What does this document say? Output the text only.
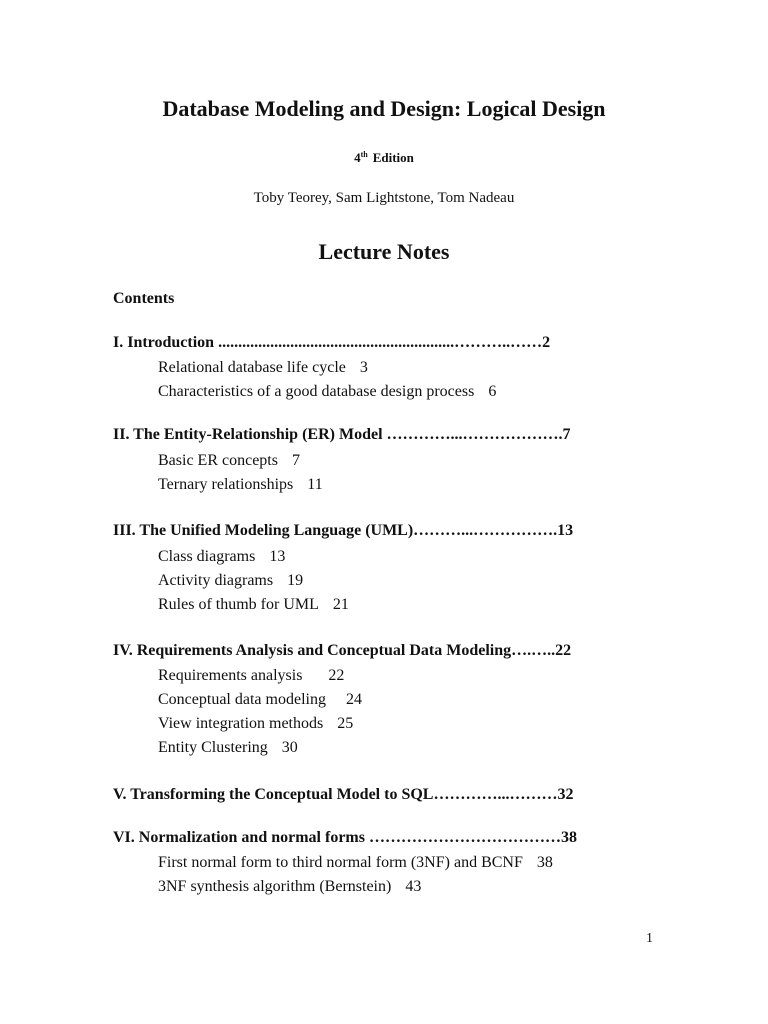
Database Modeling and Design: Logical Design
4th Edition
Toby Teorey, Sam Lightstone, Tom Nadeau
Lecture Notes
Contents
I. Introduction ...........................................................………..……2
Relational database life cycle 3
Characteristics of a good database design process 6
II. The Entity-Relationship (ER) Model …………...……………….7
Basic ER concepts 7
Ternary relationships 11
III. The Unified Modeling Language (UML)………...…………….13
Class diagrams 13
Activity diagrams 19
Rules of thumb for UML 21
IV. Requirements Analysis and Conceptual Data Modeling….…..22
Requirements analysis 22
Conceptual data modeling 24
View integration methods 25
Entity Clustering 30
V. Transforming the Conceptual Model to SQL…………...………32
VI. Normalization and normal forms ………………………………38
First normal form to third normal form (3NF) and BCNF 38
3NF synthesis algorithm (Bernstein) 43
1
